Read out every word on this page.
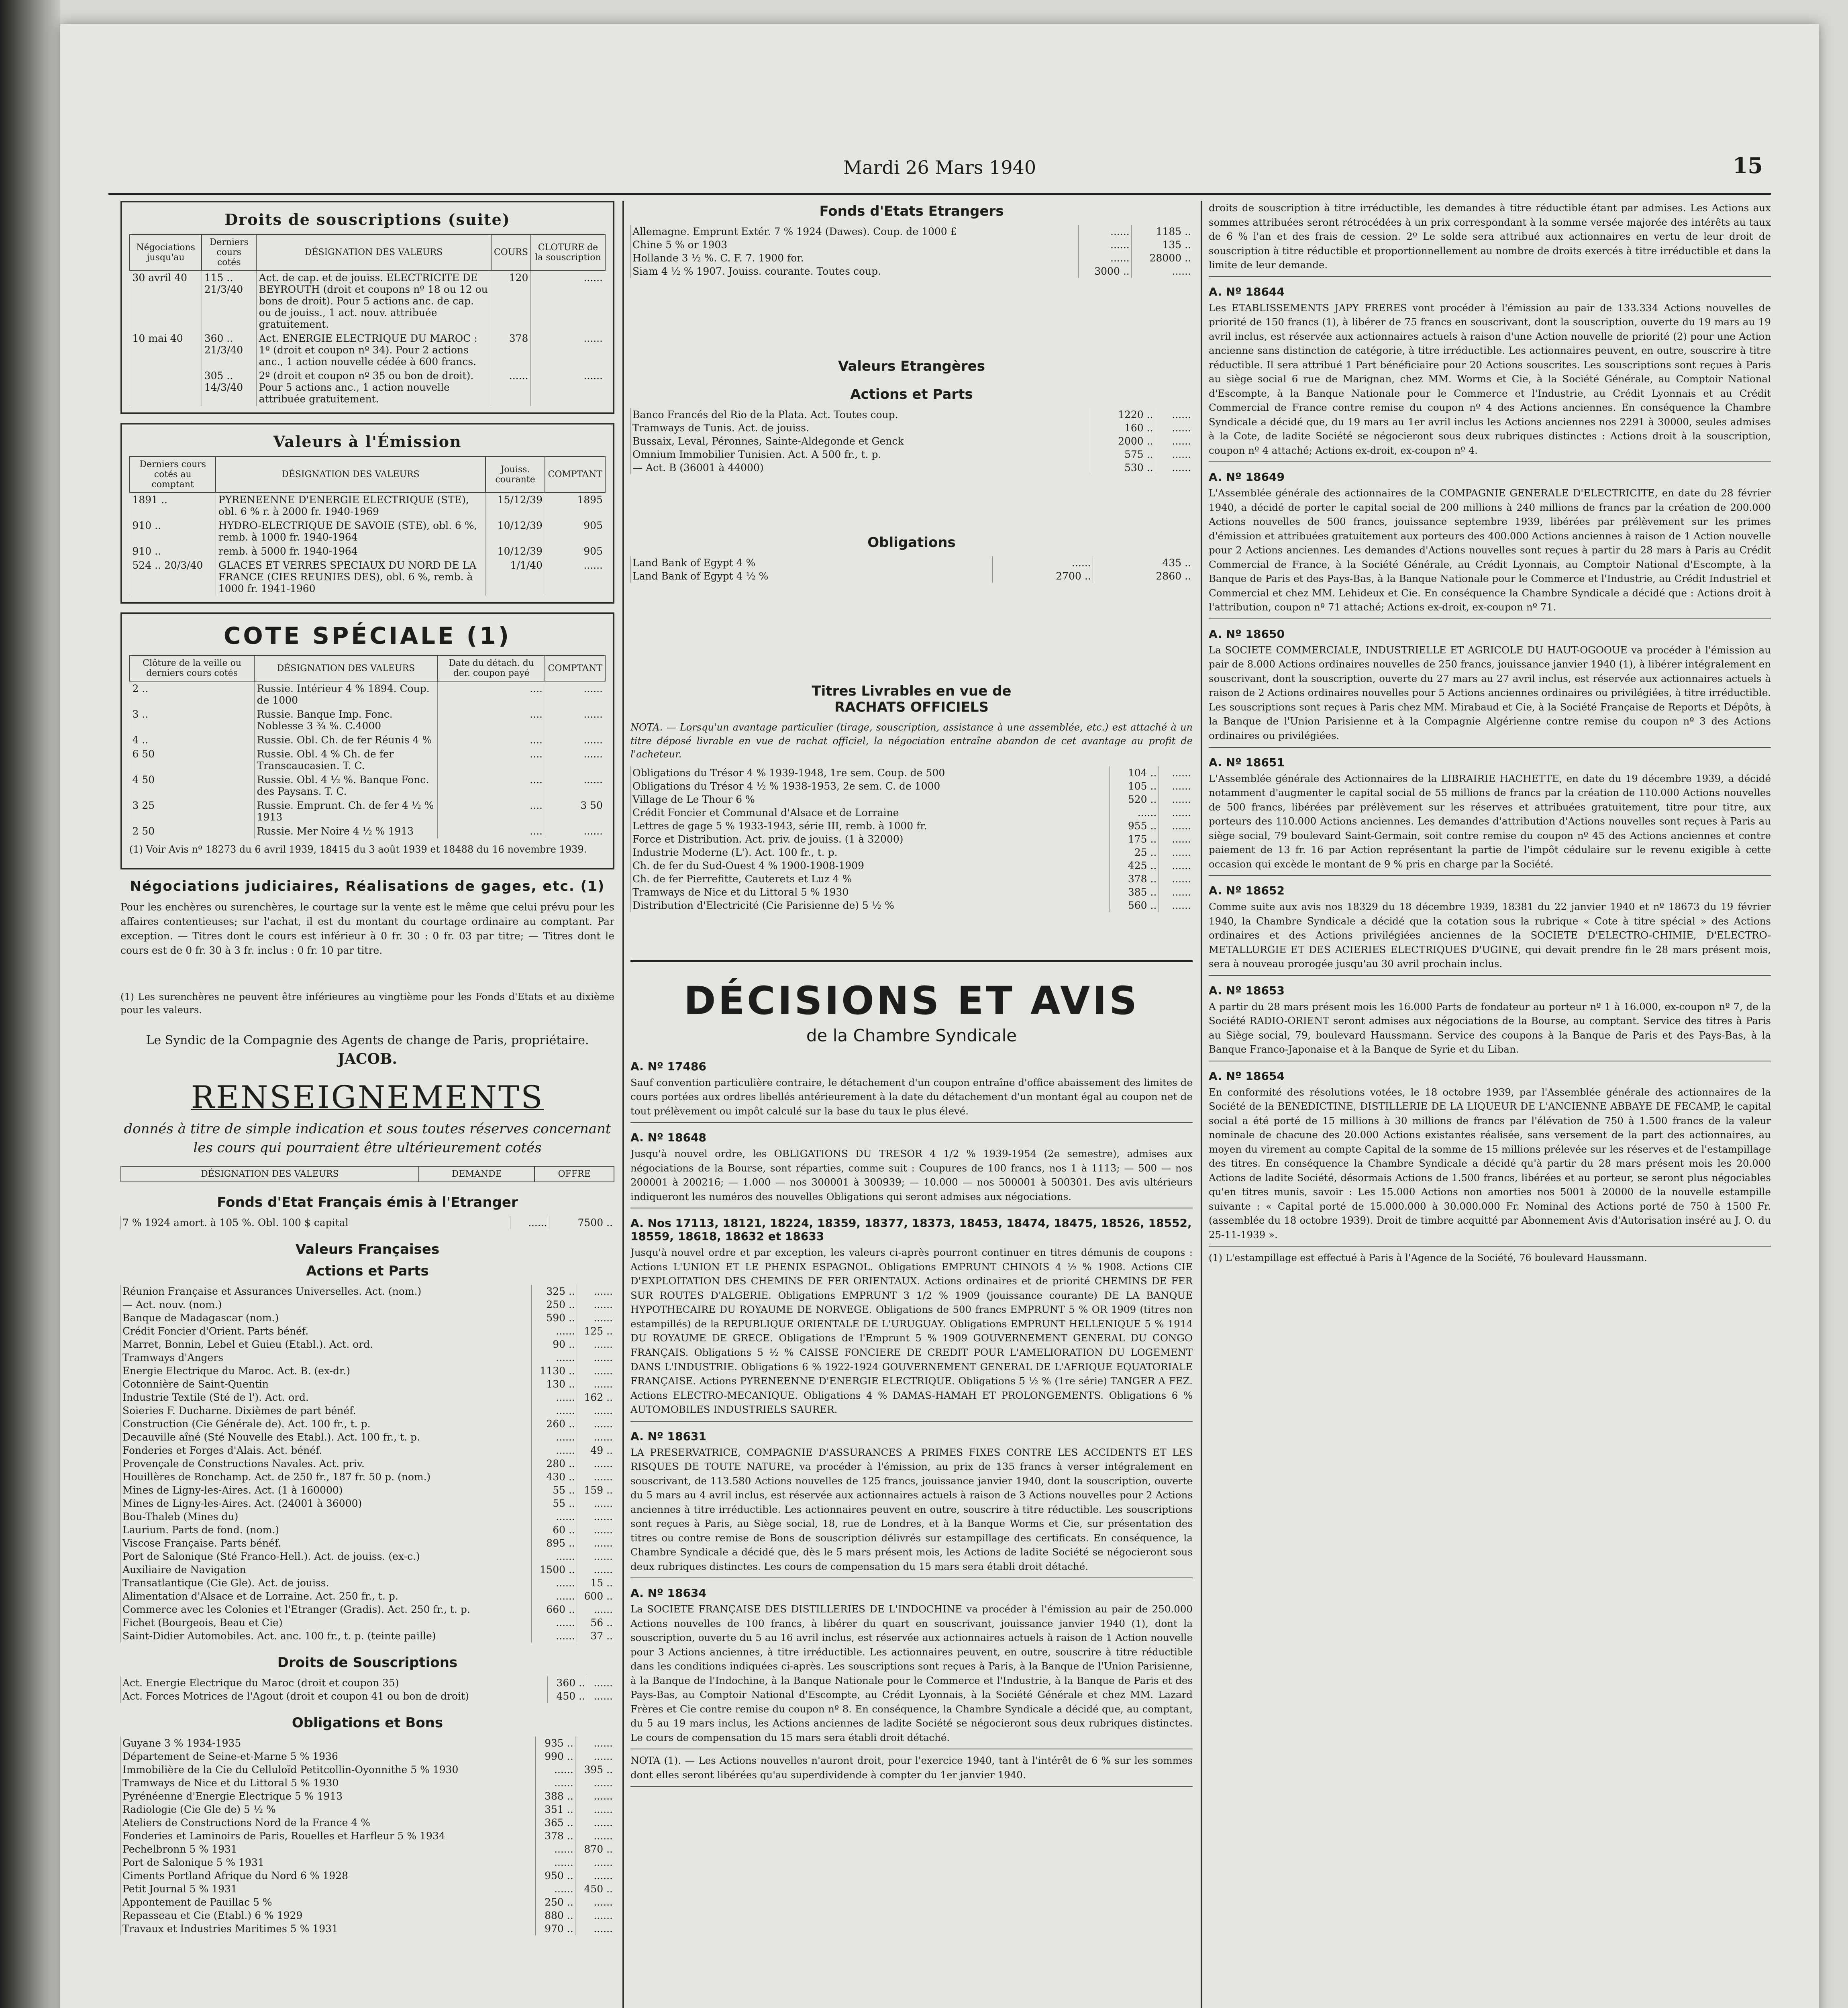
Mardi 26 Mars 1940	15
Droits de souscriptions (suite)
Négociations jusqu'au	Derniers cours cotés	DÉSIGNATION DES VALEURS	COURS	CLOTURE de la souscription
30 avril 40	115 .. 21/3/40	Act. de cap. et de jouiss. ELECTRICITE DE BEYROUTH (droit et coupons nº 18 ou 12 ou bons de droit). Pour 5 actions anc. de cap. ou de jouiss., 1 act. nouv. attribuée gratuitement.	120	......
10 mai 40	360 .. 21/3/40	Act. ENERGIE ELECTRIQUE DU MAROC : 1º (droit et coupon nº 34). Pour 2 actions anc., 1 action nouvelle cédée à 600 francs.	378	......
	305 .. 14/3/40	2º (droit et coupon nº 35 ou bon de droit). Pour 5 actions anc., 1 action nouvelle attribuée gratuitement.	......	......
Valeurs à l'Émission
Derniers cours cotés au comptant	DÉSIGNATION DES VALEURS	Jouiss. courante	COMPTANT
1891 ..	PYRENEENNE D'ENERGIE ELECTRIQUE (STE), obl. 6 % r. à 2000 fr. 1940-1969	15/12/39	1895
910 ..	HYDRO-ELECTRIQUE DE SAVOIE (STE), obl. 6 %, remb. à 1000 fr. 1940-1964	10/12/39	905
910 ..	remb. à 5000 fr. 1940-1964	10/12/39	905
524 .. 20/3/40	GLACES ET VERRES SPECIAUX DU NORD DE LA FRANCE (CIES REUNIES DES), obl. 6 %, remb. à 1000 fr. 1941-1960	1/1/40	......
COTE SPÉCIALE (1)
Clôture de la veille ou derniers cours cotés	DÉSIGNATION DES VALEURS	Date du détach. du der. coupon payé	COMPTANT
2 ..	Russie. Intérieur 4 % 1894. Coup. de 1000	....	......
3 ..	Russie. Banque Imp. Fonc. Noblesse 3 ¾ %. C.4000	....	......
4 ..	Russie. Obl. Ch. de fer Réunis 4 %	....	......
6 50	Russie. Obl. 4 % Ch. de fer Transcaucasien. T. C.	....	......
4 50	Russie. Obl. 4 ½ %. Banque Fonc. des Paysans. T. C.	....	......
3 25	Russie. Emprunt. Ch. de fer 4 ½ % 1913	....	3 50
2 50	Russie. Mer Noire 4 ½ % 1913	....	......
(1) Voir Avis nº 18273 du 6 avril 1939, 18415 du 3 août 1939 et 18488 du 16 novembre 1939.
Négociations judiciaires, Réalisations de gages, etc. (1)
Pour les enchères ou surenchères, le courtage sur la vente est le même que celui prévu pour les affaires contentieuses; sur l'achat, il est du montant du courtage ordinaire au comptant. Par exception. — Titres dont le cours est inférieur à 0 fr. 30 : 0 fr. 03 par titre; — Titres dont le cours est de 0 fr. 30 à 3 fr. inclus : 0 fr. 10 par titre.
(1) Les surenchères ne peuvent être inférieures au vingtième pour les Fonds d'Etats et au dixième pour les valeurs.
Le Syndic de la Compagnie des Agents de change de Paris, propriétaire.
JACOB.
RENSEIGNEMENTS
donnés à titre de simple indication et sous toutes réserves concernant les cours qui pourraient être ultérieurement cotés
DÉSIGNATION DES VALEURS	DEMANDE	OFFRE
Fonds d'Etat Français émis à l'Etranger
7 % 1924 amort. à 105 %. Obl. 100 $ capital	......	7500 ..
Valeurs Françaises
Actions et Parts
Réunion Française et Assurances Universelles. Act. (nom.)	325 ..	......
— Act. nouv. (nom.)	250 ..	......
Banque de Madagascar (nom.)	590 ..	......
Crédit Foncier d'Orient. Parts bénéf.	......	125 ..
Marret, Bonnin, Lebel et Guieu (Etabl.). Act. ord.	90 ..	......
Tramways d'Angers	......	......
Energie Electrique du Maroc. Act. B. (ex-dr.)	1130 ..	......
Cotonnière de Saint-Quentin	130 ..	......
Industrie Textile (Sté de l'). Act. ord.	......	162 ..
Soieries F. Ducharne. Dixièmes de part bénéf.	......	......
Construction (Cie Générale de). Act. 100 fr., t. p.	260 ..	......
Decauville aîné (Sté Nouvelle des Etabl.). Act. 100 fr., t. p.	......	......
Fonderies et Forges d'Alais. Act. bénéf.	......	49 ..
Provençale de Constructions Navales. Act. priv.	280 ..	......
Houillères de Ronchamp. Act. de 250 fr., 187 fr. 50 p. (nom.)	430 ..	......
Mines de Ligny-les-Aires. Act. (1 à 160000)	55 ..	159 ..
Mines de Ligny-les-Aires. Act. (24001 à 36000)	55 ..	......
Bou-Thaleb (Mines du)	......	......
Laurium. Parts de fond. (nom.)	60 ..	......
Viscose Française. Parts bénéf.	895 ..	......
Port de Salonique (Sté Franco-Hell.). Act. de jouiss. (ex-c.)	......	......
Auxiliaire de Navigation	1500 ..	......
Transatlantique (Cie Gle). Act. de jouiss.	......	15 ..
Alimentation d'Alsace et de Lorraine. Act. 250 fr., t. p.	......	600 ..
Commerce avec les Colonies et l'Etranger (Gradis). Act. 250 fr., t. p.	660 ..	......
Fichet (Bourgeois, Beau et Cie)	......	56 ..
Saint-Didier Automobiles. Act. anc. 100 fr., t. p. (teinte paille)	......	37 ..
Droits de Souscriptions
Act. Energie Electrique du Maroc (droit et coupon 35)	360 ..	......
Act. Forces Motrices de l'Agout (droit et coupon 41 ou bon de droit)	450 ..	......
Obligations et Bons
Guyane 3 % 1934-1935	935 ..	......
Département de Seine-et-Marne 5 % 1936	990 ..	......
Immobilière de la Cie du Celluloïd Petitcollin-Oyonnithe 5 % 1930	......	395 ..
Tramways de Nice et du Littoral 5 % 1930	......	......
Pyrénéenne d'Energie Electrique 5 % 1913	388 ..	......
Radiologie (Cie Gle de) 5 ½ %	351 ..	......
Ateliers de Constructions Nord de la France 4 %	365 ..	......
Fonderies et Laminoirs de Paris, Rouelles et Harfleur 5 % 1934	378 ..	......
Pechelbronn 5 % 1931	......	870 ..
Port de Salonique 5 % 1931	......	......
Ciments Portland Afrique du Nord 6 % 1928	950 ..	......
Petit Journal 5 % 1931	......	450 ..
Appontement de Pauillac 5 %	250 ..	......
Repasseau et Cie (Etabl.) 6 % 1929	880 ..	......
Travaux et Industries Maritimes 5 % 1931	970 ..	......
Fonds d'Etats Etrangers
Allemagne. Emprunt Extér. 7 % 1924 (Dawes). Coup. de 1000 £	......	1185 ..
Chine 5 % or 1903	......	135 ..
Hollande 3 ½ %. C. F. 7. 1900 for.	......	28000 ..
Siam 4 ½ % 1907. Jouiss. courante. Toutes coup.	3000 ..	......
Valeurs Etrangères
Actions et Parts
Banco Francés del Rio de la Plata. Act. Toutes coup.	1220 ..	......
Tramways de Tunis. Act. de jouiss.	160 ..	......
Bussaix, Leval, Péronnes, Sainte-Aldegonde et Genck	2000 ..	......
Omnium Immobilier Tunisien. Act. A 500 fr., t. p.	575 ..	......
— Act. B (36001 à 44000)	530 ..	......
Obligations
Land Bank of Egypt 4 %	......	435 ..
Land Bank of Egypt 4 ½ %	2700 ..	2860 ..
Titres Livrables en vue de
RACHATS OFFICIELS
NOTA. — Lorsqu'un avantage particulier (tirage, souscription, assistance à une assemblée, etc.) est attaché à un titre déposé livrable en vue de rachat officiel, la négociation entraîne abandon de cet avantage au profit de l'acheteur.
Obligations du Trésor 4 % 1939-1948, 1re sem. Coup. de 500	104 ..	......
Obligations du Trésor 4 ½ % 1938-1953, 2e sem. C. de 1000	105 ..	......
Village de Le Thour 6 %	520 ..	......
Crédit Foncier et Communal d'Alsace et de Lorraine	......	......
Lettres de gage 5 % 1933-1943, série III, remb. à 1000 fr.	955 ..	......
Force et Distribution. Act. priv. de jouiss. (1 à 32000)	175 ..	......
Industrie Moderne (L'). Act. 100 fr., t. p.	25 ..	......
Ch. de fer du Sud-Ouest 4 % 1900-1908-1909	425 ..	......
Ch. de fer Pierrefitte, Cauterets et Luz 4 %	378 ..	......
Tramways de Nice et du Littoral 5 % 1930	385 ..	......
Distribution d'Electricité (Cie Parisienne de) 5 ½ %	560 ..	......
DÉCISIONS ET AVIS
de la Chambre Syndicale
A. Nº 17486
Sauf convention particulière contraire, le détachement d'un coupon entraîne d'office abaissement des limites de cours portées aux ordres libellés antérieurement à la date du détachement d'un montant égal au coupon net de tout prélèvement ou impôt calculé sur la base du taux le plus élevé.
A. Nº 18648
Jusqu'à nouvel ordre, les OBLIGATIONS DU TRESOR 4 1/2 % 1939-1954 (2e semestre), admises aux négociations de la Bourse, sont réparties, comme suit : Coupures de 100 francs, nos 1 à 1113; — 500 — nos 200001 à 200216; — 1.000 — nos 300001 à 300939; — 10.000 — nos 500001 à 500301. Des avis ultérieurs indiqueront les numéros des nouvelles Obligations qui seront admises aux négociations.
A. Nos 17113, 18121, 18224, 18359, 18377, 18373, 18453, 18474, 18475, 18526, 18552, 18559, 18618, 18632 et 18633
Jusqu'à nouvel ordre et par exception, les valeurs ci-après pourront continuer en titres démunis de coupons : Actions L'UNION ET LE PHENIX ESPAGNOL. Obligations EMPRUNT CHINOIS 4 ½ % 1908. Actions CIE D'EXPLOITATION DES CHEMINS DE FER ORIENTAUX. Actions ordinaires et de priorité CHEMINS DE FER SUR ROUTES D'ALGERIE. Obligations EMPRUNT 3 1/2 % 1909 (jouissance courante) DE LA BANQUE HYPOTHECAIRE DU ROYAUME DE NORVEGE. Obligations de 500 francs EMPRUNT 5 % OR 1909 (titres non estampillés) de la REPUBLIQUE ORIENTALE DE L'URUGUAY. Obligations EMPRUNT HELLENIQUE 5 % 1914 DU ROYAUME DE GRECE. Obligations de l'Emprunt 5 % 1909 GOUVERNEMENT GENERAL DU CONGO FRANÇAIS. Obligations 5 ½ % CAISSE FONCIERE DE CREDIT POUR L'AMELIORATION DU LOGEMENT DANS L'INDUSTRIE. Obligations 6 % 1922-1924 GOUVERNEMENT GENERAL DE L'AFRIQUE EQUATORIALE FRANÇAISE. Actions PYRENEENNE D'ENERGIE ELECTRIQUE. Obligations 5 ½ % (1re série) TANGER A FEZ. Actions ELECTRO-MECANIQUE. Obligations 4 % DAMAS-HAMAH ET PROLONGEMENTS. Obligations 6 % AUTOMOBILES INDUSTRIELS SAURER.
A. Nº 18631
LA PRESERVATRICE, COMPAGNIE D'ASSURANCES A PRIMES FIXES CONTRE LES ACCIDENTS ET LES RISQUES DE TOUTE NATURE, va procéder à l'émission, au prix de 135 francs à verser intégralement en souscrivant, de 113.580 Actions nouvelles de 125 francs, jouissance janvier 1940, dont la souscription, ouverte du 5 mars au 4 avril inclus, est réservée aux actionnaires actuels à raison de 3 Actions nouvelles pour 2 Actions anciennes à titre irréductible. Les actionnaires peuvent en outre, souscrire à titre réductible. Les souscriptions sont reçues à Paris, au Siège social, 18, rue de Londres, et à la Banque Worms et Cie, sur présentation des titres ou contre remise de Bons de souscription délivrés sur estampillage des certificats. En conséquence, la Chambre Syndicale a décidé que, dès le 5 mars présent mois, les Actions de ladite Société se négocieront sous deux rubriques distinctes. Les cours de compensation du 15 mars sera établi droit détaché.
A. Nº 18634
La SOCIETE FRANÇAISE DES DISTILLERIES DE L'INDOCHINE va procéder à l'émission au pair de 250.000 Actions nouvelles de 100 francs, à libérer du quart en souscrivant, jouissance janvier 1940 (1), dont la souscription, ouverte du 5 au 16 avril inclus, est réservée aux actionnaires actuels à raison de 1 Action nouvelle pour 3 Actions anciennes, à titre irréductible. Les actionnaires peuvent, en outre, souscrire à titre réductible dans les conditions indiquées ci-après. Les souscriptions sont reçues à Paris, à la Banque de l'Union Parisienne, à la Banque de l'Indochine, à la Banque Nationale pour le Commerce et l'Industrie, à la Banque de Paris et des Pays-Bas, au Comptoir National d'Escompte, au Crédit Lyonnais, à la Société Générale et chez MM. Lazard Frères et Cie contre remise du coupon nº 8. En conséquence, la Chambre Syndicale a décidé que, au comptant, du 5 au 19 mars inclus, les Actions anciennes de ladite Société se négocieront sous deux rubriques distinctes. Le cours de compensation du 15 mars sera établi droit détaché.
NOTA (1). — Les Actions nouvelles n'auront droit, pour l'exercice 1940, tant à l'intérêt de 6 % sur les sommes dont elles seront libérées qu'au superdividende à compter du 1er janvier 1940.
droits de souscription à titre irréductible, les demandes à titre réductible étant par admises. Les Actions aux sommes attribuées seront rétrocédées à un prix correspondant à la somme versée majorée des intérêts au taux de 6 % l'an et des frais de cession. 2º Le solde sera attribué aux actionnaires en vertu de leur droit de souscription à titre réductible et proportionnellement au nombre de droits exercés à titre irréductible et dans la limite de leur demande.
A. Nº 18644
Les ETABLISSEMENTS JAPY FRERES vont procéder à l'émission au pair de 133.334 Actions nouvelles de priorité de 150 francs (1), à libérer de 75 francs en souscrivant, dont la souscription, ouverte du 19 mars au 19 avril inclus, est réservée aux actionnaires actuels à raison d'une Action nouvelle de priorité (2) pour une Action ancienne sans distinction de catégorie, à titre irréductible. Les actionnaires peuvent, en outre, souscrire à titre réductible. Il sera attribué 1 Part bénéficiaire pour 20 Actions souscrites. Les souscriptions sont reçues à Paris au siège social 6 rue de Marignan, chez MM. Worms et Cie, à la Société Générale, au Comptoir National d'Escompte, à la Banque Nationale pour le Commerce et l'Industrie, au Crédit Lyonnais et au Crédit Commercial de France contre remise du coupon nº 4 des Actions anciennes. En conséquence la Chambre Syndicale a décidé que, du 19 mars au 1er avril inclus les Actions anciennes nos 2291 à 30000, seules admises à la Cote, de ladite Société se négocieront sous deux rubriques distinctes : Actions droit à la souscription, coupon nº 4 attaché; Actions ex-droit, ex-coupon nº 4.
A. Nº 18649
L'Assemblée générale des actionnaires de la COMPAGNIE GENERALE D'ELECTRICITE, en date du 28 février 1940, a décidé de porter le capital social de 200 millions à 240 millions de francs par la création de 200.000 Actions nouvelles de 500 francs, jouissance septembre 1939, libérées par prélèvement sur les primes d'émission et attribuées gratuitement aux porteurs des 400.000 Actions anciennes à raison de 1 Action nouvelle pour 2 Actions anciennes. Les demandes d'Actions nouvelles sont reçues à partir du 28 mars à Paris au Crédit Commercial de France, à la Société Générale, au Crédit Lyonnais, au Comptoir National d'Escompte, à la Banque de Paris et des Pays-Bas, à la Banque Nationale pour le Commerce et l'Industrie, au Crédit Industriel et Commercial et chez MM. Lehideux et Cie. En conséquence la Chambre Syndicale a décidé que : Actions droit à l'attribution, coupon nº 71 attaché; Actions ex-droit, ex-coupon nº 71.
A. Nº 18650
La SOCIETE COMMERCIALE, INDUSTRIELLE ET AGRICOLE DU HAUT-OGOOUE va procéder à l'émission au pair de 8.000 Actions ordinaires nouvelles de 250 francs, jouissance janvier 1940 (1), à libérer intégralement en souscrivant, dont la souscription, ouverte du 27 mars au 27 avril inclus, est réservée aux actionnaires actuels à raison de 2 Actions ordinaires nouvelles pour 5 Actions anciennes ordinaires ou privilégiées, à titre irréductible. Les souscriptions sont reçues à Paris chez MM. Mirabaud et Cie, à la Société Française de Reports et Dépôts, à la Banque de l'Union Parisienne et à la Compagnie Algérienne contre remise du coupon nº 3 des Actions ordinaires ou privilégiées.
A. Nº 18651
L'Assemblée générale des Actionnaires de la LIBRAIRIE HACHETTE, en date du 19 décembre 1939, a décidé notamment d'augmenter le capital social de 55 millions de francs par la création de 110.000 Actions nouvelles de 500 francs, libérées par prélèvement sur les réserves et attribuées gratuitement, titre pour titre, aux porteurs des 110.000 Actions anciennes. Les demandes d'attribution d'Actions nouvelles sont reçues à Paris au siège social, 79 boulevard Saint-Germain, soit contre remise du coupon nº 45 des Actions anciennes et contre paiement de 13 fr. 16 par Action représentant la partie de l'impôt cédulaire sur le revenu exigible à cette occasion qui excède le montant de 9 % pris en charge par la Société.
A. Nº 18652
Comme suite aux avis nos 18329 du 18 décembre 1939, 18381 du 22 janvier 1940 et nº 18673 du 19 février 1940, la Chambre Syndicale a décidé que la cotation sous la rubrique « Cote à titre spécial » des Actions ordinaires et des Actions privilégiées anciennes de la SOCIETE D'ELECTRO-CHIMIE, D'ELECTRO-METALLURGIE ET DES ACIERIES ELECTRIQUES D'UGINE, qui devait prendre fin le 28 mars présent mois, sera à nouveau prorogée jusqu'au 30 avril prochain inclus.
A. Nº 18653
A partir du 28 mars présent mois les 16.000 Parts de fondateur au porteur nº 1 à 16.000, ex-coupon nº 7, de la Société RADIO-ORIENT seront admises aux négociations de la Bourse, au comptant. Service des titres à Paris au Siège social, 79, boulevard Haussmann. Service des coupons à la Banque de Paris et des Pays-Bas, à la Banque Franco-Japonaise et à la Banque de Syrie et du Liban.
A. Nº 18654
En conformité des résolutions votées, le 18 octobre 1939, par l'Assemblée générale des actionnaires de la Société de la BENEDICTINE, DISTILLERIE DE LA LIQUEUR DE L'ANCIENNE ABBAYE DE FECAMP, le capital social a été porté de 15 millions à 30 millions de francs par l'élévation de 750 à 1.500 francs de la valeur nominale de chacune des 20.000 Actions existantes réalisée, sans versement de la part des actionnaires, au moyen du virement au compte Capital de la somme de 15 millions prélevée sur les réserves et de l'estampillage des titres. En conséquence la Chambre Syndicale a décidé qu'à partir du 28 mars présent mois les 20.000 Actions de ladite Société, désormais Actions de 1.500 francs, libérées et au porteur, se seront plus négociables qu'en titres munis, savoir : Les 15.000 Actions non amorties nos 5001 à 20000 de la nouvelle estampille suivante : « Capital porté de 15.000.000 à 30.000.000 Fr. Nominal des Actions porté de 750 à 1500 Fr. (assemblée du 18 octobre 1939). Droit de timbre acquitté par Abonnement Avis d'Autorisation inséré au J. O. du 25-11-1939 ».
(1) L'estampillage est effectué à Paris à l'Agence de la Société, 76 boulevard Haussmann.
